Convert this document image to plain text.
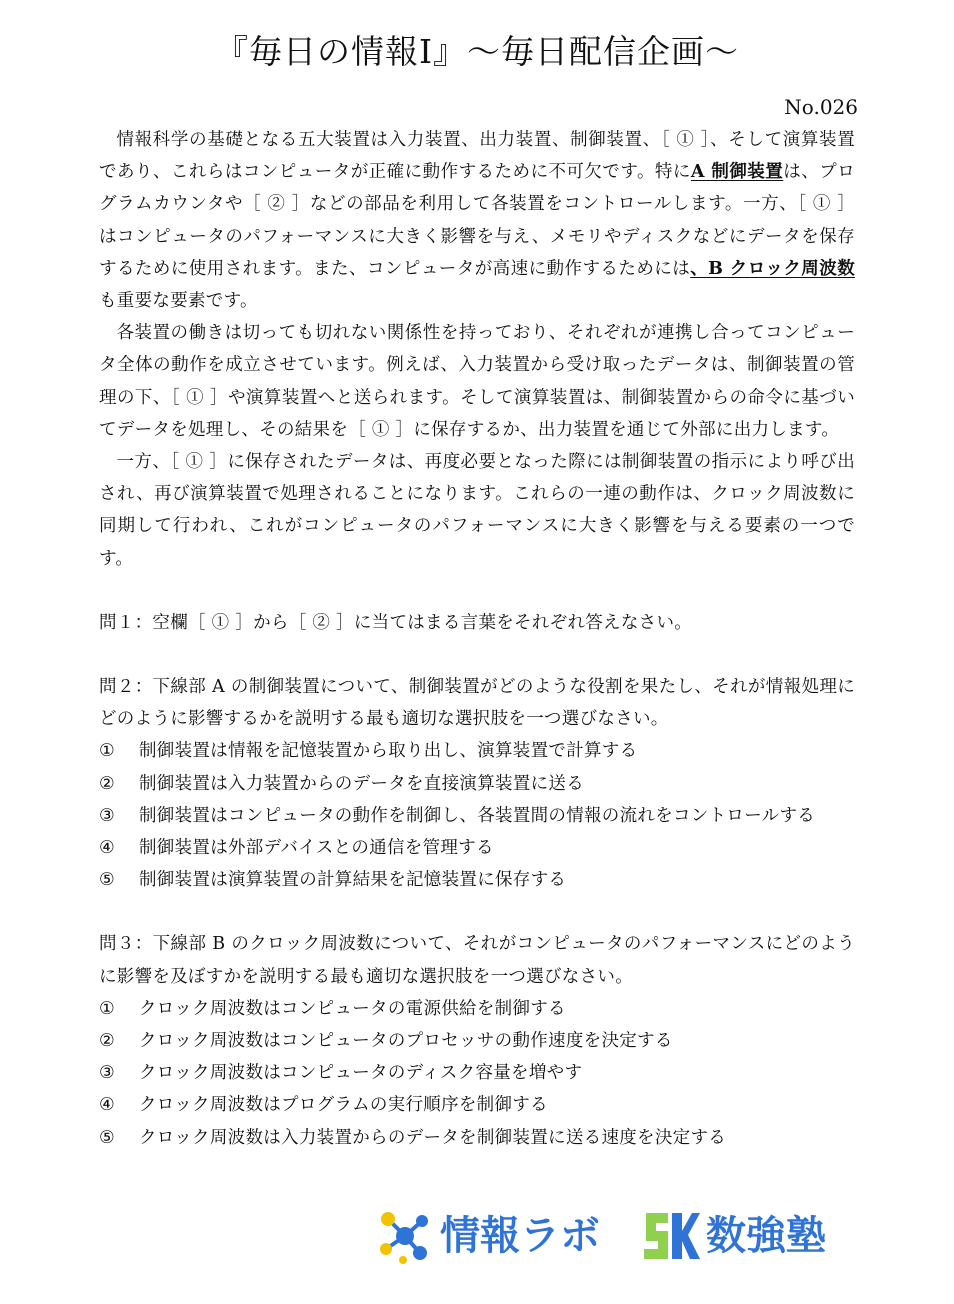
『毎日の情報Ⅰ』〜毎日配信企画〜
No.026

情報科学の基礎となる五大装置は入力装置、出力装置、制御装置、［ ① ］、そして演算装置であり、これらはコンピュータが正確に動作するために不可欠です。特にA 制御装置は、プログラムカウンタや［ ② ］などの部品を利用して各装置をコントロールします。一方、［ ① ］はコンピュータのパフォーマンスに大きく影響を与え、メモリやディスクなどにデータを保存するために使用されます。また、コンピュータが高速に動作するためには、B クロック周波数も重要な要素です。

各装置の働きは切っても切れない関係性を持っており、それぞれが連携し合ってコンピュータ全体の動作を成立させています。例えば、入力装置から受け取ったデータは、制御装置の管理の下、［ ① ］や演算装置へと送られます。そして演算装置は、制御装置からの命令に基づいてデータを処理し、その結果を［ ① ］に保存するか、出力装置を通じて外部に出力します。

一方、［ ① ］に保存されたデータは、再度必要となった際には制御装置の指示により呼び出され、再び演算装置で処理されることになります。これらの一連の動作は、クロック周波数に同期して行われ、これがコンピュータのパフォーマンスに大きく影響を与える要素の一つです。

問１：空欄［ ① ］から［ ② ］に当てはまる言葉をそれぞれ答えなさい。
問２：下線部 A の制御装置について、制御装置がどのような役割を果たし、それが情報処理にどのように影響するかを説明する最も適切な選択肢を一つ選びなさい。
①	制御装置は情報を記憶装置から取り出し、演算装置で計算する
②	制御装置は入力装置からのデータを直接演算装置に送る
③	制御装置はコンピュータの動作を制御し、各装置間の情報の流れをコントロールする
④	制御装置は外部デバイスとの通信を管理する
⑤	制御装置は演算装置の計算結果を記憶装置に保存する
問３：下線部 B のクロック周波数について、それがコンピュータのパフォーマンスにどのように影響を及ぼすかを説明する最も適切な選択肢を一つ選びなさい。
①	クロック周波数はコンピュータの電源供給を制御する
②	クロック周波数はコンピュータのプロセッサの動作速度を決定する
③	クロック周波数はコンピュータのディスク容量を増やす
④	クロック周波数はプログラムの実行順序を制御する
⑤	クロック周波数は入力装置からのデータを制御装置に送る速度を決定する
情報ラボ	数強塾
